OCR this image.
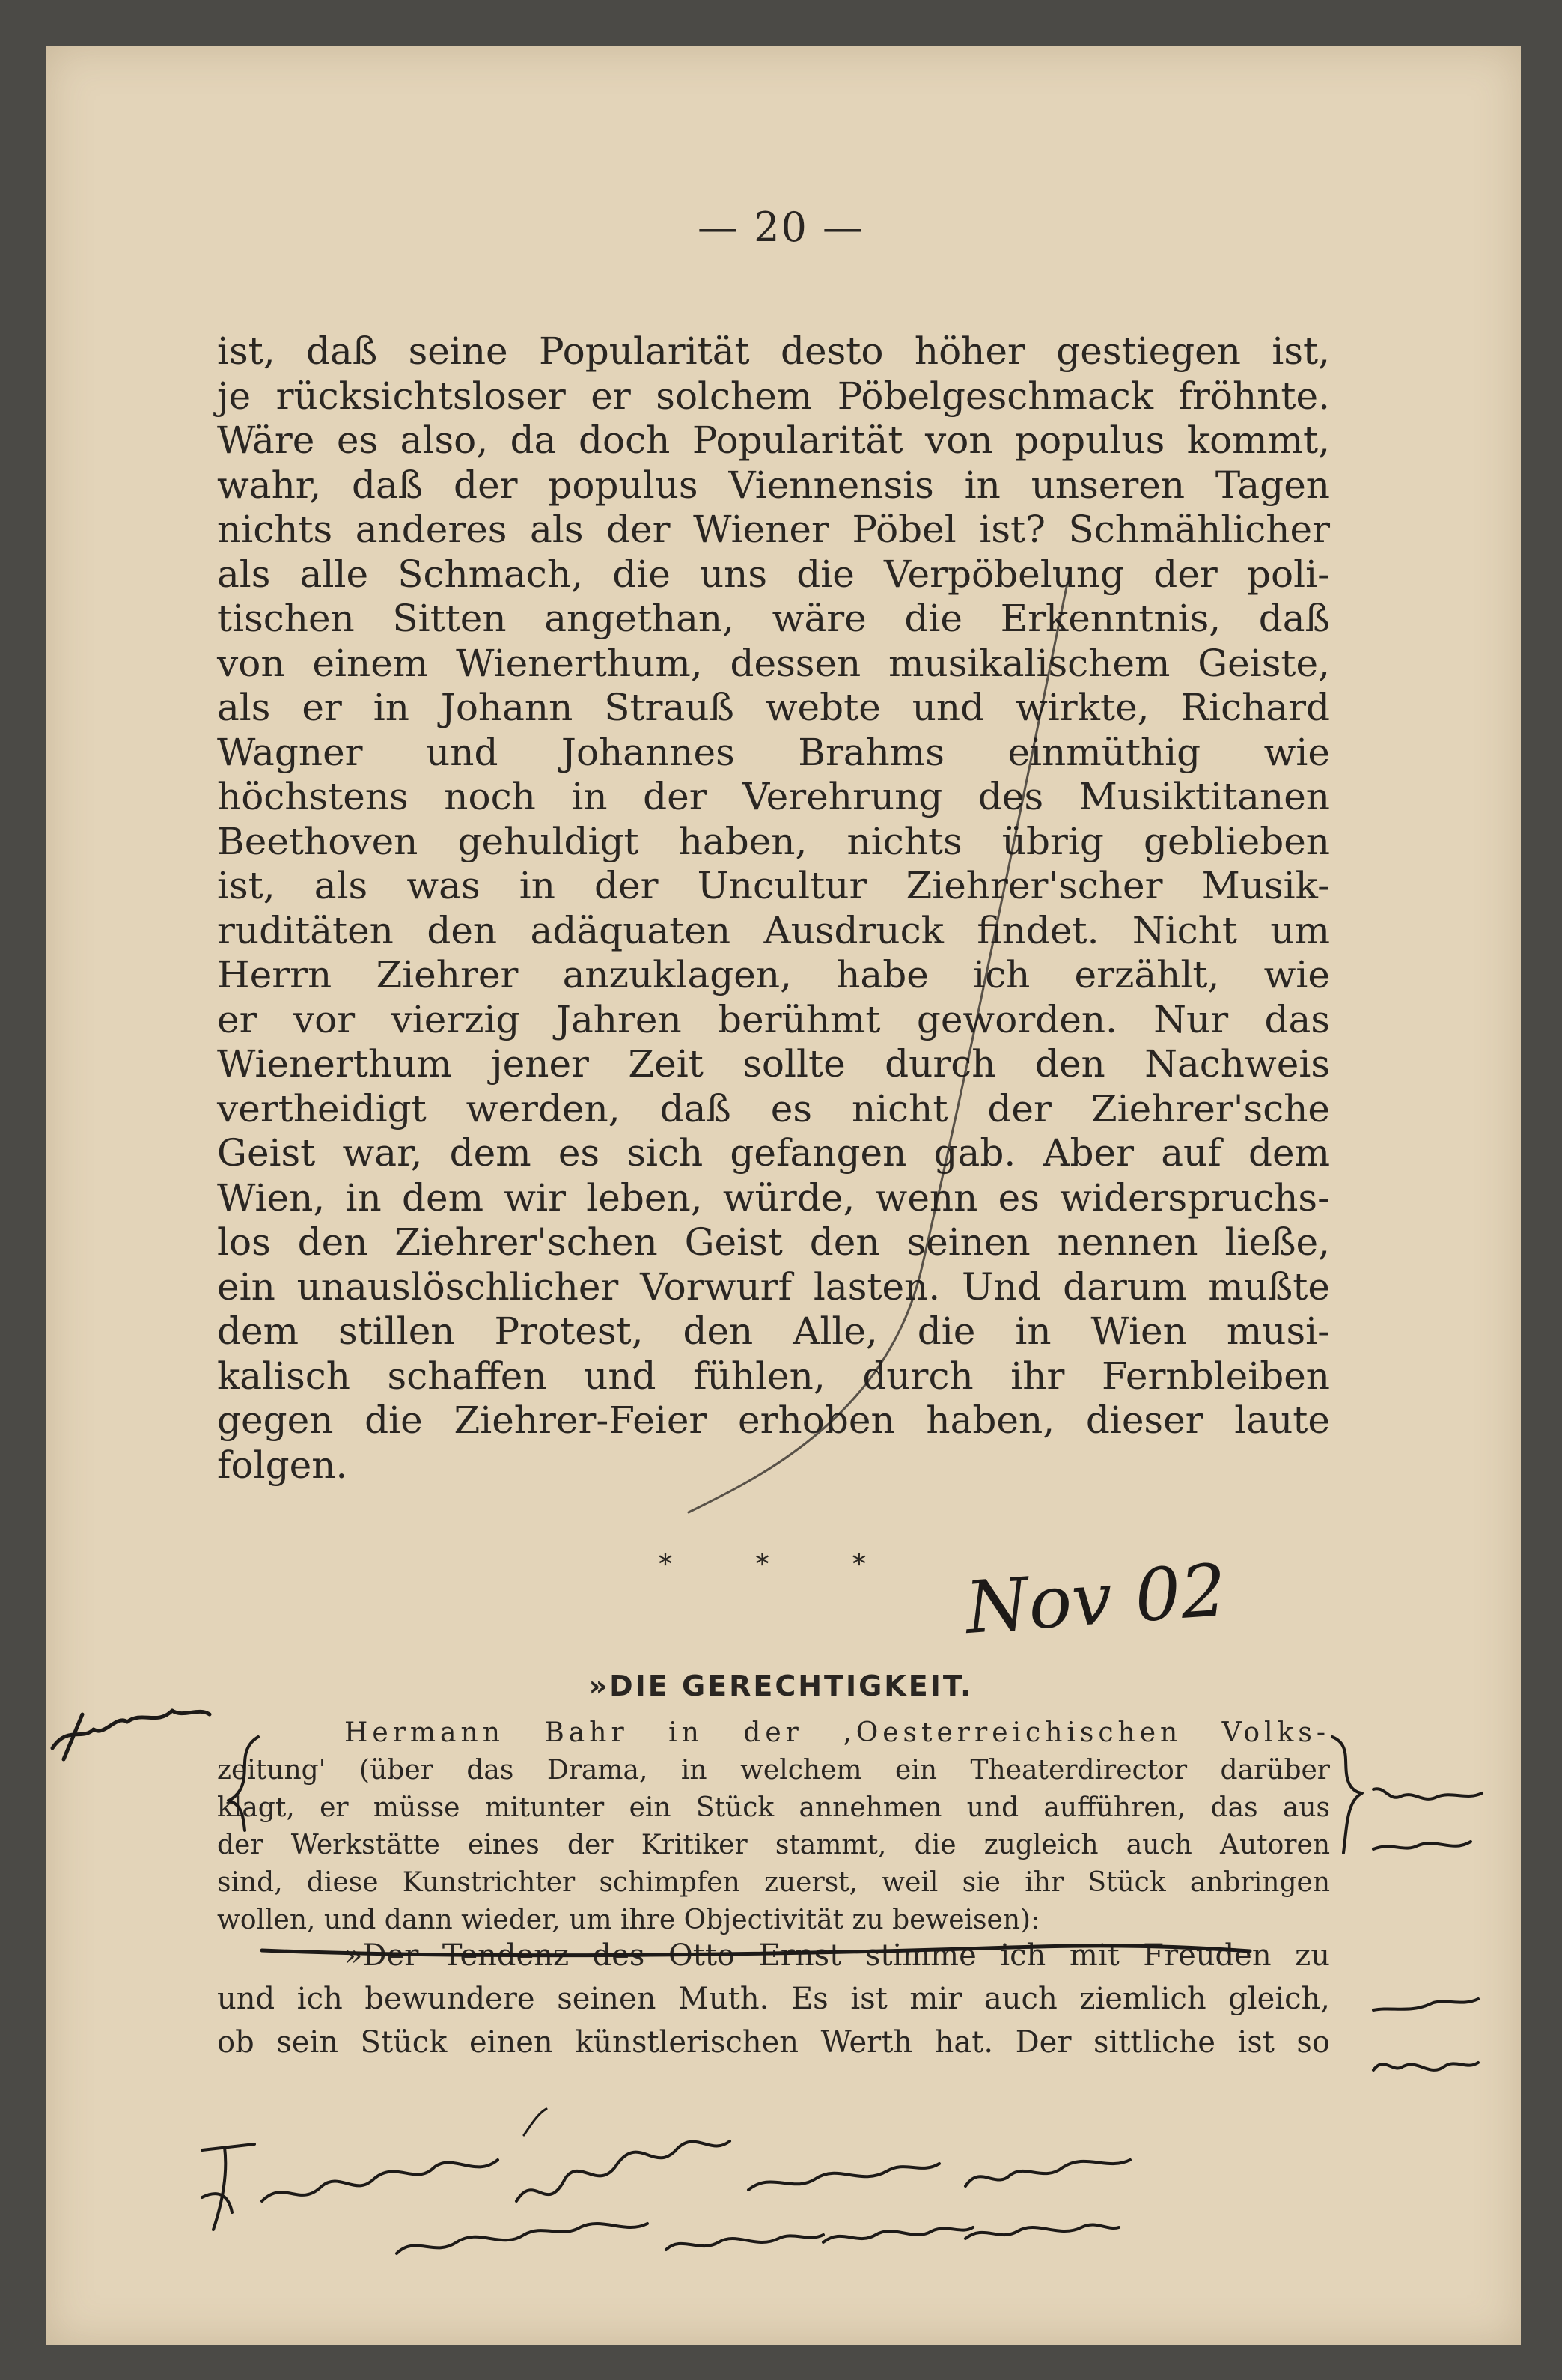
— 20 —
ist, daß seine Popularität desto höher gestiegen ist,
je rücksichtsloser er solchem Pöbelgeschmack fröhnte.
Wäre es also, da doch Popularität von populus kommt,
wahr, daß der populus Viennensis in unseren Tagen
nichts anderes als der Wiener Pöbel ist? Schmählicher
als alle Schmach, die uns die Verpöbelung der poli-
tischen Sitten angethan, wäre die Erkenntnis, daß
von einem Wienerthum, dessen musikalischem Geiste,
als er in Johann Strauß webte und wirkte, Richard
Wagner und Johannes Brahms einmüthig wie
höchstens noch in der Verehrung des Musiktitanen
Beethoven gehuldigt haben, nichts übrig geblieben
ist, als was in der Uncultur Ziehrer'scher Musik-
ruditäten den adäquaten Ausdruck findet. Nicht um
Herrn Ziehrer anzuklagen, habe ich erzählt, wie
er vor vierzig Jahren berühmt geworden. Nur das
Wienerthum jener Zeit sollte durch den Nachweis
vertheidigt werden, daß es nicht der Ziehrer'sche
Geist war, dem es sich gefangen gab. Aber auf dem
Wien, in dem wir leben, würde, wenn es widerspruchs-
los den Ziehrer'schen Geist den seinen nennen ließe,
ein unauslöschlicher Vorwurf lasten. Und darum mußte
dem stillen Protest, den Alle, die in Wien musi-
kalisch schaffen und fühlen, durch ihr Fernbleiben
gegen die Ziehrer-Feier erhoben haben, dieser laute
folgen.
* * * Nov 02
»DIE GERECHTIGKEIT.
Hermann Bahr in der ‚Oesterreichischen Volks-
zeitung' (über das Drama, in welchem ein Theaterdirector darüber
klagt, er müsse mitunter ein Stück annehmen und aufführen, das aus
der Werkstätte eines der Kritiker stammt, die zugleich auch Autoren
sind, diese Kunstrichter schimpfen zuerst, weil sie ihr Stück anbringen
wollen, und dann wieder, um ihre Objectivität zu beweisen):
»Der Tendenz des Otto Ernst stimme ich mit Freuden zu
und ich bewundere seinen Muth. Es ist mir auch ziemlich gleich,
ob sein Stück einen künstlerischen Werth hat. Der sittliche ist so
